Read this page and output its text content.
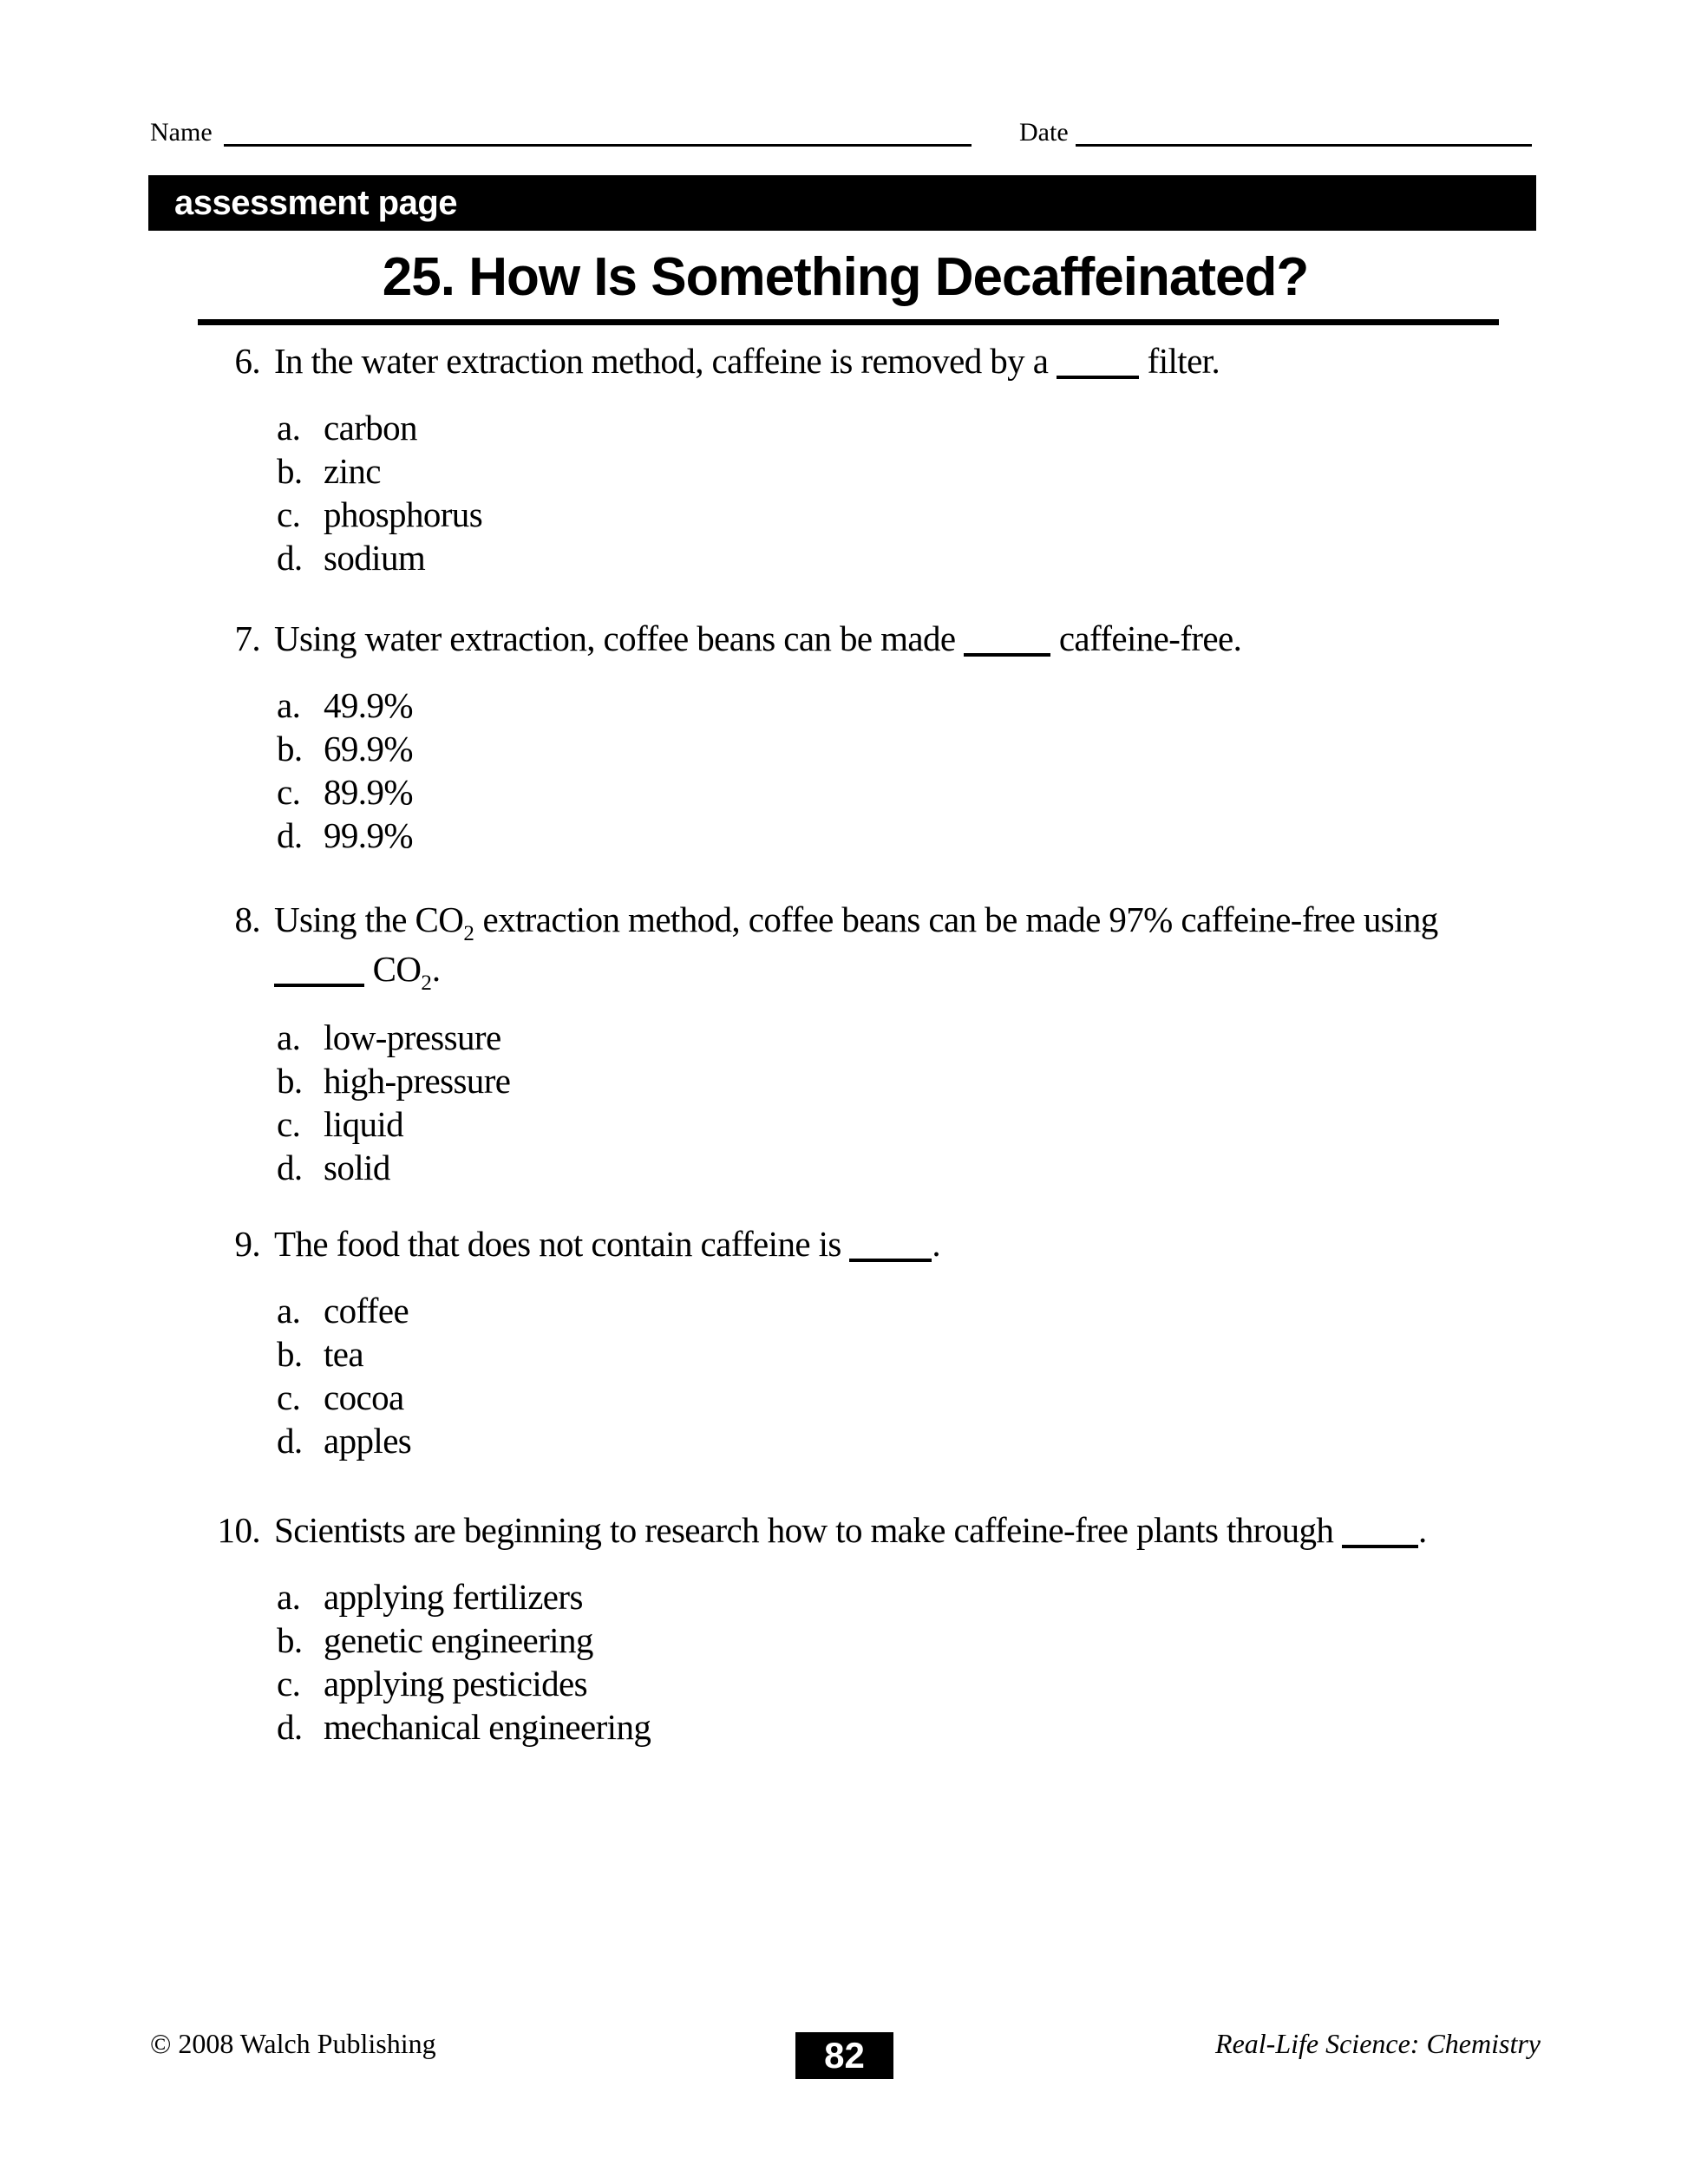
Name	Date
assessment page
25. How Is Something Decaffeinated?
6. In the water extraction method, caffeine is removed by a	filter.
a. carbon
b. zinc
c. phosphorus
d. sodium
7. Using water extraction, coffee beans can be made	caffeine-free.
a. 49.9%
b. 69.9%
c. 89.9%
d. 99.9%
8. Using the $CO_2$ extraction method, coffee beans can be made 97% caffeine-free using
$CO_2$.
a. low-pressure
b. high-pressure
c. liquid
d. solid
9. The food that does not contain caffeine is	.
a. coffee
b. tea
c. cocoa
d. apples
10. Scientists are beginning to research how to make caffeine-free plants through .
a. applying fertilizers
b. genetic engineering
c. applying pesticides
d. mechanical engineering
© 2008 Walch Publishing	82	Real-Life Science: Chemistry
